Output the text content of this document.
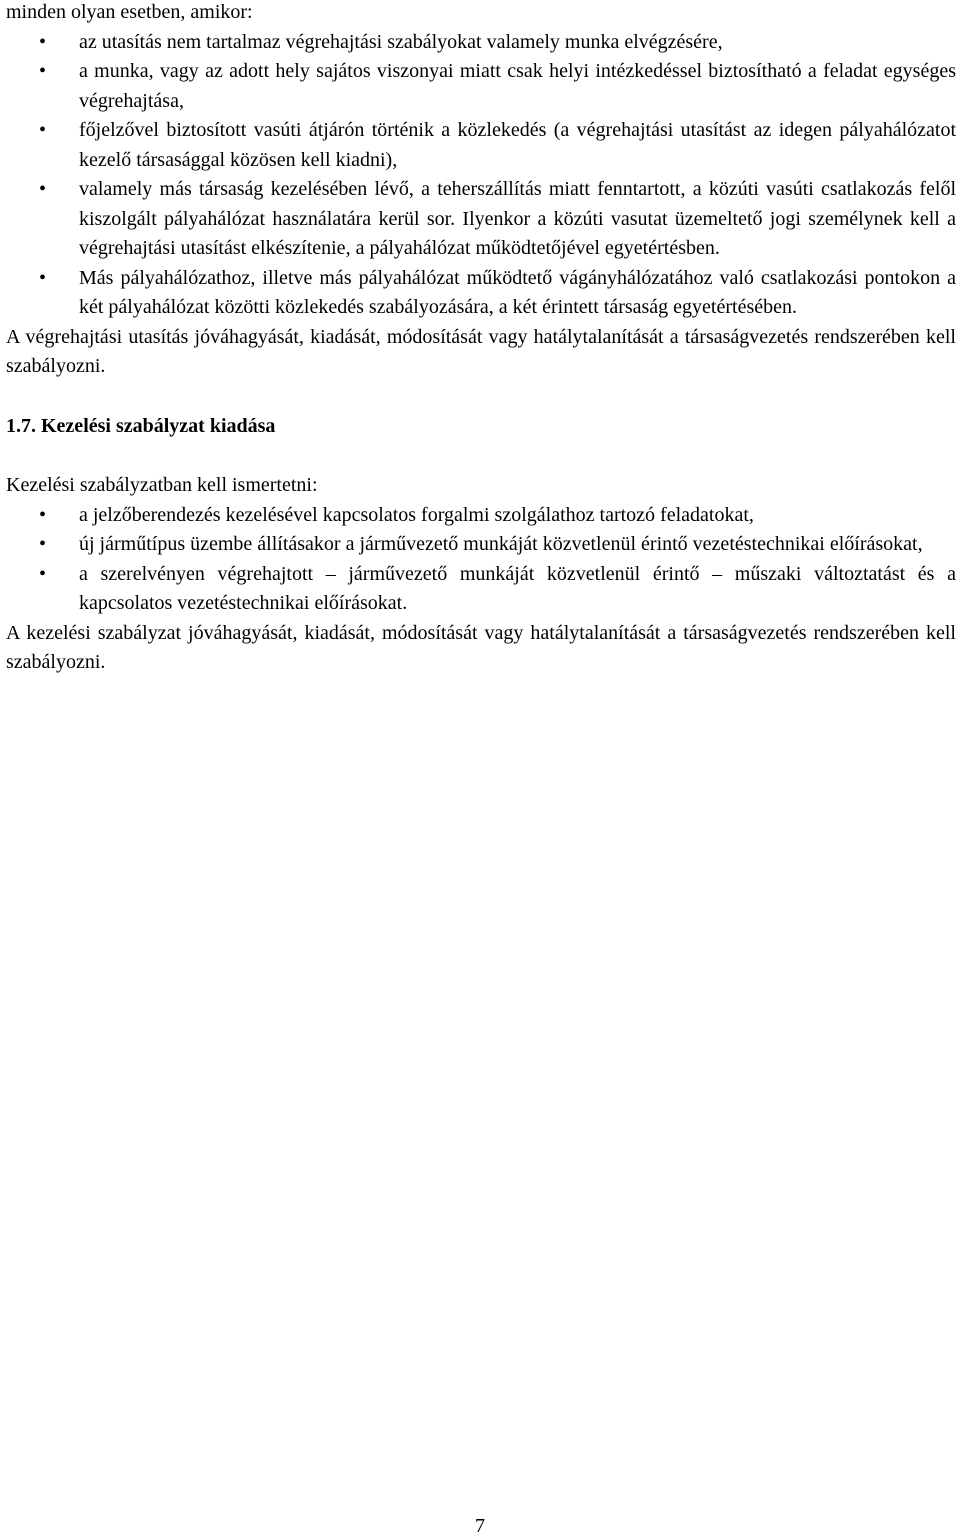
minden olyan esetben, amikor:

• az utasítás nem tartalmaz végrehajtási szabályokat valamely munka elvégzésére,
• a munka, vagy az adott hely sajátos viszonyai miatt csak helyi intézkedéssel biztosítható a feladat egységes végrehajtása,
• főjelzővel biztosított vasúti átjárón történik a közlekedés (a végrehajtási utasítást az idegen pályahálózatot kezelő társasággal közösen kell kiadni),
• valamely más társaság kezelésében lévő, a teherszállítás miatt fenntartott, a közúti vasúti csatlakozás felől kiszolgált pályahálózat használatára kerül sor. Ilyenkor a közúti vasutat üzemeltető jogi személynek kell a végrehajtási utasítást elkészítenie, a pályahálózat működtetőjével egyetértésben.
• Más pályahálózathoz, illetve más pályahálózat működtető vágányhálózatához való csatlakozási pontokon a két pályahálózat közötti közlekedés szabályozására, a két érintett társaság egyetértésében.

A végrehajtási utasítás jóváhagyását, kiadását, módosítását vagy hatálytalanítását a társaságvezetés rendszerében kell szabályozni.

1.7. Kezelési szabályzat kiadása

Kezelési szabályzatban kell ismertetni:

• a jelzőberendezés kezelésével kapcsolatos forgalmi szolgálathoz tartozó feladatokat,
• új járműtípus üzembe állításakor a járművezető munkáját közvetlenül érintő vezetéstechnikai előírásokat,
• a szerelvényen végrehajtott – járművezető munkáját közvetlenül érintő – műszaki változtatást és a kapcsolatos vezetéstechnikai előírásokat.

A kezelési szabályzat jóváhagyását, kiadását, módosítását vagy hatálytalanítását a társaságvezetés rendszerében kell szabályozni.

7
